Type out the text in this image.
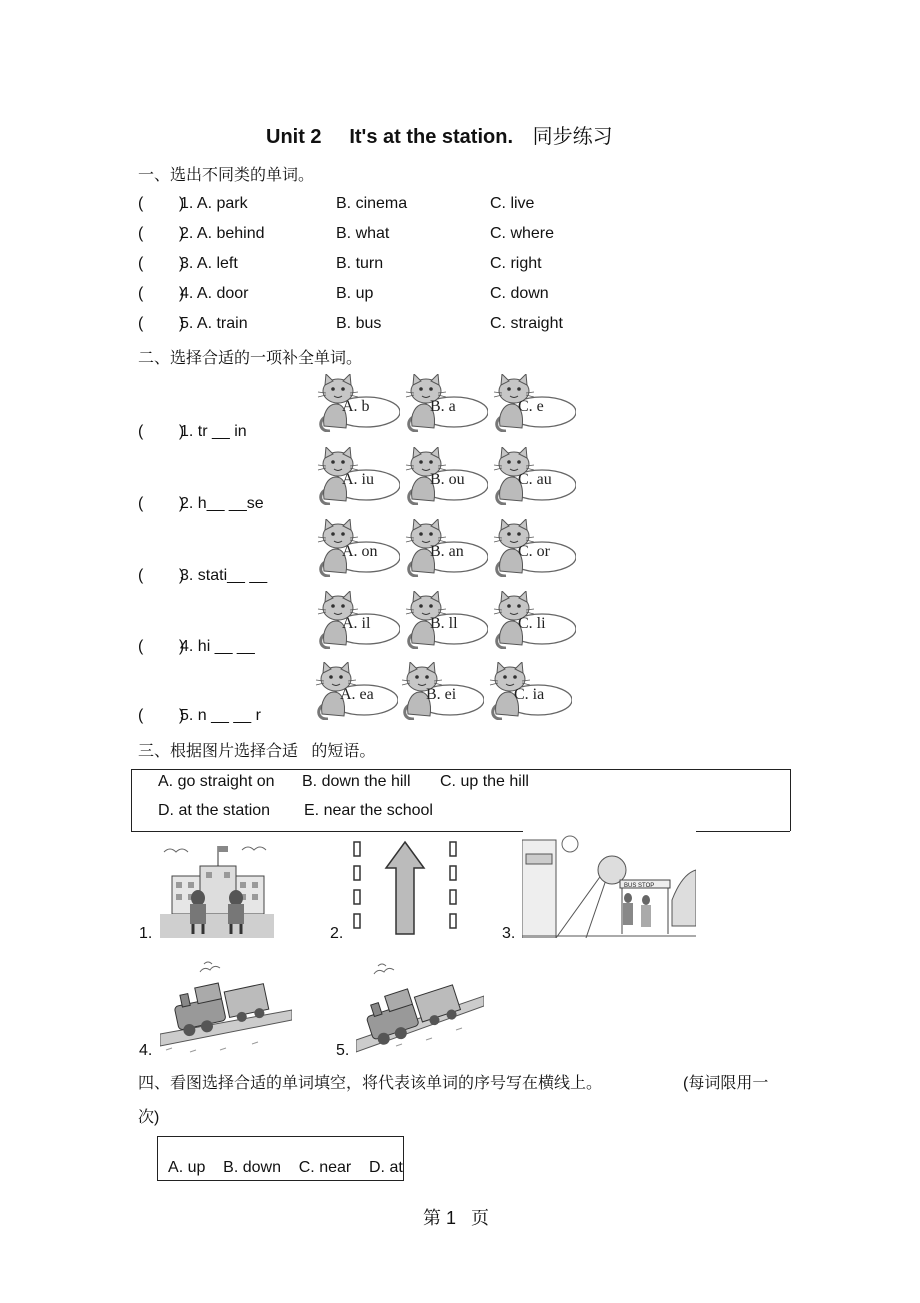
Unit 2     It's at the station. 同步练习
一、选出不同类的单词。
(        )
1. A. park	B. cinema	C. live
(        )
2. A. behind	B. what	C. where
(        )
3. A. left	B. turn	C. right
(        )
4. A. door	B. up	C. down
(        )
5. A. train	B. bus	C. straight
二、选择合适的一项补全单词。
(        )
1. tr __ in
A. b	B. a	C. e
(        )
2. h__ __se
A. iu	B. ou	C. au
(        )
3. stati__ __
A. on	B. an	C. or
(        )
4. hi __ __
A. il	B. ll	C. li
(        )
5. n __ __ r
A. ea	B. ei	C. ia
三、根据图片选择合适   的短语。
A. go straight on B. down the hill C. up the hill
D. at the station E. near the school
1.	2.	3.
BUS STOP
4.	5.
四、看图选择合适的单词填空，将代表该单词的序号写在横线上。	(每词限用一
次)

A. up    B. down    C. near    D. at

第 1   页
